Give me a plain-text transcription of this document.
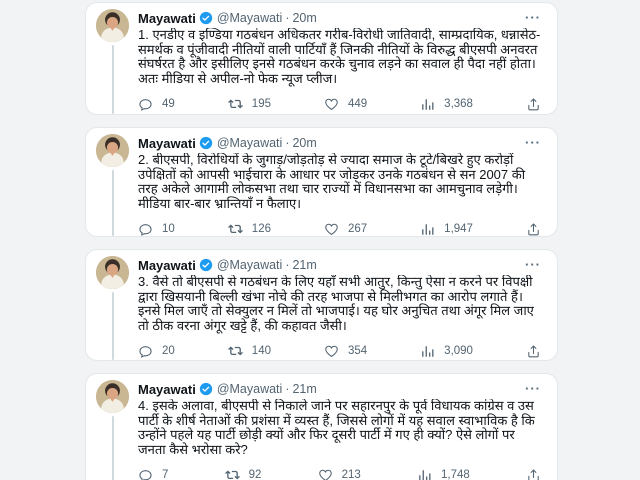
Mayawati @Mayawati · 20m	···
1. एनडीए व इण्डिया गठबंधन अधिकतर गरीब-विरोधी जातिवादी, साम्प्रदायिक, धन्नासेठ-समर्थक व पूंजीवादी नीतियों वाली पार्टियाँ हैं जिनकी नीतियों के विरुद्ध बीएसपी अनवरत संघर्षरत है और इसीलिए इनसे गठबंधन करके चुनाव लड़ने का सवाल ही पैदा नहीं होता। अतः मीडिया से अपील-नो फेक न्यूज प्लीज।
49	195	449	3,368
Mayawati @Mayawati · 20m	···
2. बीएसपी, विरोधियों के जुगाड़/जोड़तोड़ से ज्यादा समाज के टूटे/बिखरे हुए करोड़ों उपेक्षितों को आपसी भाईचारा के आधार पर जोड़कर उनके गठबंधन से सन 2007 की तरह अकेले आगामी लोकसभा तथा चार राज्यों में विधानसभा का आमचुनाव लड़ेगी। मीडिया बार-बार भ्रान्तियाँ न फैलाए।
10	126	267	1,947
Mayawati @Mayawati · 21m	···
3. वैसे तो बीएसपी से गठबंधन के लिए यहाँ सभी आतुर, किन्तु ऐसा न करने पर विपक्षी द्वारा खिसयानी बिल्ली खंभा नोचे की तरह भाजपा से मिलीभगत का आरोप लगाते हैं। इनसे मिल जाएँ तो सेक्युलर न मिलें तो भाजपाई। यह घोर अनुचित तथा अंगूर मिल जाए तो ठीक वरना अंगूर खट्टे हैं, की कहावत जैसी।
20	140	354	3,090
Mayawati @Mayawati · 21m	···
4. इसके अलावा, बीएसपी से निकाले जाने पर सहारनपुर के पूर्व विधायक कांग्रेस व उस पार्टी के शीर्ष नेताओं की प्रशंसा में व्यस्त हैं, जिससे लोगों में यह सवाल स्वाभाविक है कि उन्होंने पहले यह पार्टी छोड़ी क्यों और फिर दूसरी पार्टी में गए ही क्यों? ऐसे लोगों पर जनता कैसे भरोसा करे?
7	92	213	1,748
